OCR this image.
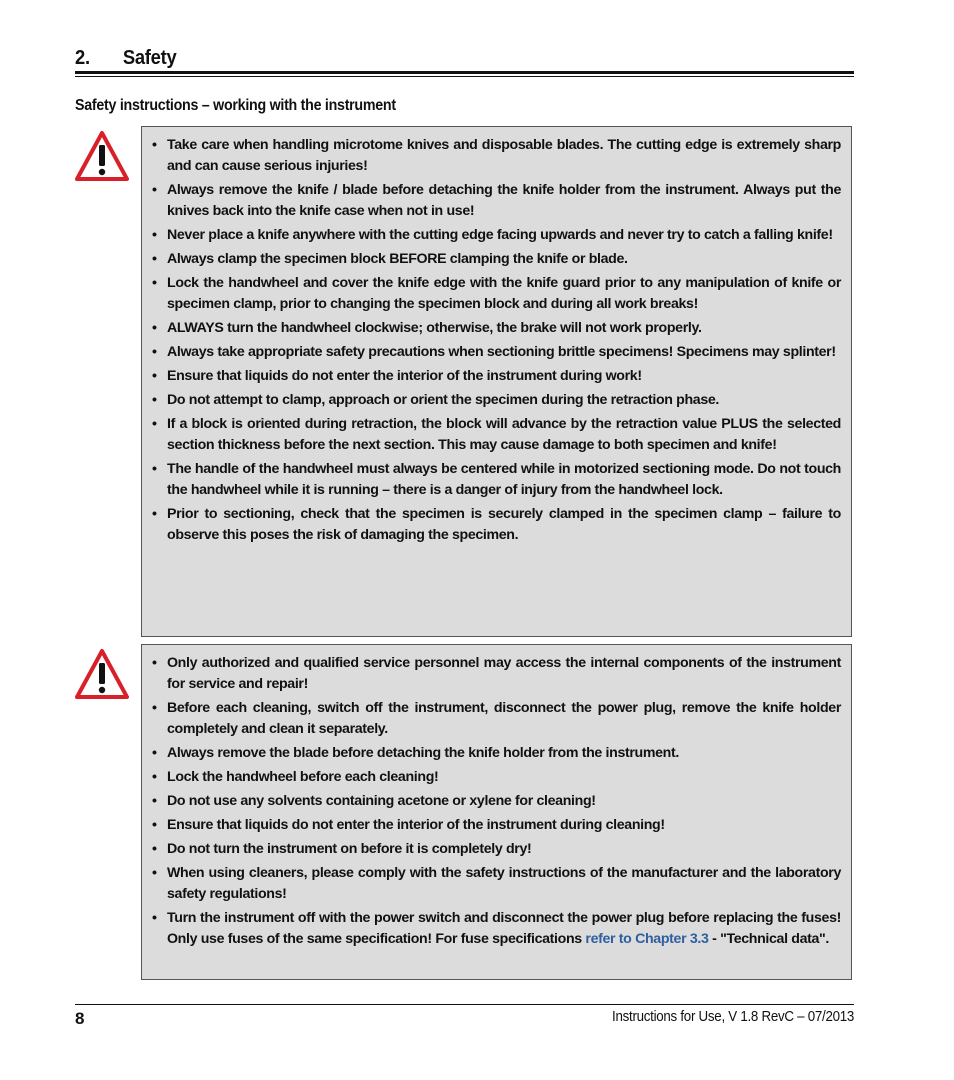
2. Safety
Safety instructions – working with the instrument
• Take care when handling microtome knives and disposable blades. The cutting edge is extremely sharp and can cause serious injuries!
• Always remove the knife / blade before detaching the knife holder from the instrument. Always put the knives back into the knife case when not in use!
• Never place a knife anywhere with the cutting edge facing upwards and never try to catch a falling knife!
• Always clamp the specimen block BEFORE clamping the knife or blade.
• Lock the handwheel and cover the knife edge with the knife guard prior to any manipulation of knife or specimen clamp, prior to changing the specimen block and during all work breaks!
• ALWAYS turn the handwheel clockwise; otherwise, the brake will not work properly.
• Always take appropriate safety precautions when sectioning brittle specimens! Specimens may splinter!
• Ensure that liquids do not enter the interior of the instrument during work!
• Do not attempt to clamp, approach or orient the specimen during the retraction phase.
• If a block is oriented during retraction, the block will advance by the retraction value PLUS the selected section thickness before the next section. This may cause damage to both specimen and knife!
• The handle of the handwheel must always be centered while in motorized sectioning mode. Do not touch the handwheel while it is running – there is a danger of injury from the handwheel lock.
• Prior to sectioning, check that the specimen is securely clamped in the specimen clamp – failure to observe this poses the risk of damaging the specimen.
• Only authorized and qualified service personnel may access the internal components of the instrument for service and repair!
• Before each cleaning, switch off the instrument, disconnect the power plug, remove the knife holder completely and clean it separately.
• Always remove the blade before detaching the knife holder from the instrument.
• Lock the handwheel before each cleaning!
• Do not use any solvents containing acetone or xylene for cleaning!
• Ensure that liquids do not enter the interior of the instrument during cleaning!
• Do not turn the instrument on before it is completely dry!
• When using cleaners, please comply with the safety instructions of the manufacturer and the laboratory safety regulations!
• Turn the instrument off with the power switch and disconnect the power plug before replacing the fuses! Only use fuses of the same specification! For fuse specifications refer to Chapter 3.3 - "Technical data".
8	Instructions for Use, V 1.8 RevC – 07/2013
